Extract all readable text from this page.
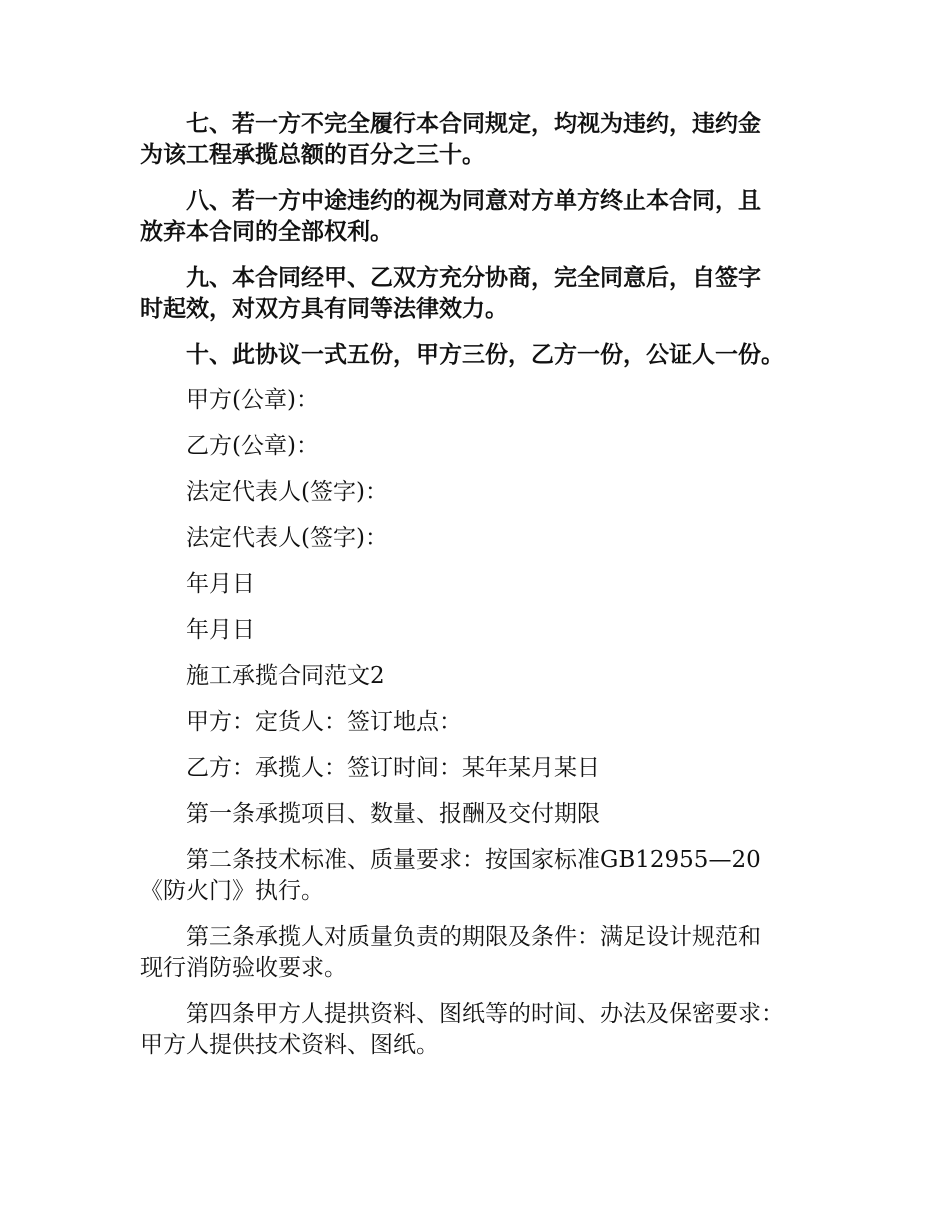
七、若一方不完全履行本合同规定，均视为违约，违约金
为该工程承揽总额的百分之三十。

八、若一方中途违约的视为同意对方单方终止本合同，且
放弃本合同的全部权利。

九、本合同经甲、乙双方充分协商，完全同意后，自签字
时起效，对双方具有同等法律效力。

十、此协议一式五份，甲方三份，乙方一份，公证人一份。

甲方(公章)：

乙方(公章)：

法定代表人(签字)：

法定代表人(签字)：

年月日

年月日

施工承揽合同范文2

甲方：定货人：签订地点：

乙方：承揽人：签订时间：某年某月某日

第一条承揽项目、数量、报酬及交付期限

第二条技术标准、质量要求：按国家标准GB12955—20
《防火门》执行。

第三条承揽人对质量负责的期限及条件：满足设计规范和
现行消防验收要求。

第四条甲方人提拱资料、图纸等的时间、办法及保密要求：
甲方人提供技术资料、图纸。
